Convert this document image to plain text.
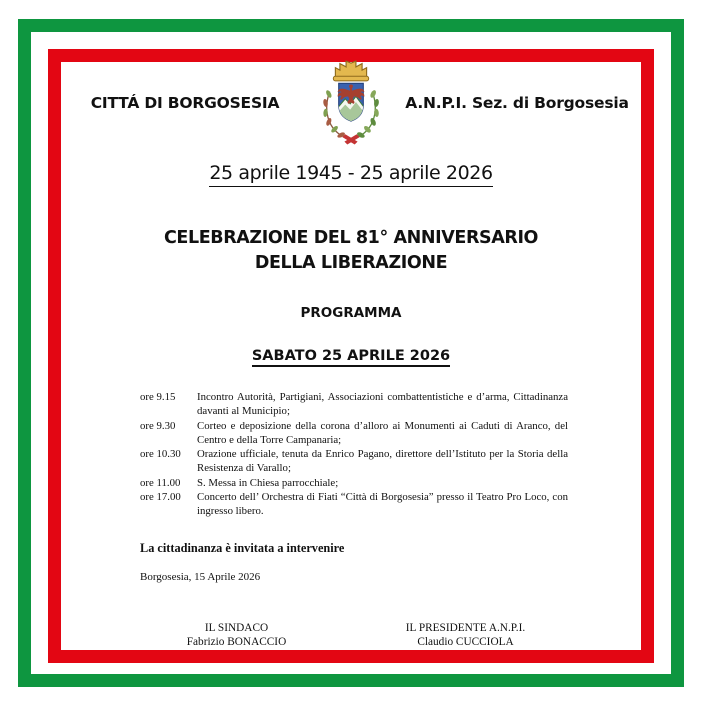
CITTÁ DI BORGOSESIA	A.N.P.I. Sez. di Borgosesia
25 aprile 1945 - 25 aprile 2026
CELEBRAZIONE DEL 81° ANNIVERSARIO
DELLA LIBERAZIONE
PROGRAMMA
SABATO 25 APRILE 2026
ore 9.15	Incontro Autorità, Partigiani, Associazioni combattentistiche e d’arma, Cittadinanza davanti al Municipio;
ore 9.30	Corteo e deposizione della corona d’alloro ai Monumenti ai Caduti di Aranco, del Centro e della Torre Campanaria;
ore 10.30	Orazione ufficiale, tenuta da Enrico Pagano, direttore dell’Istituto per la Storia della Resistenza di Varallo;
ore 11.00	S. Messa in Chiesa parrocchiale;
ore 17.00	Concerto dell’ Orchestra di Fiati “Città di Borgosesia” presso il Teatro Pro Loco, con ingresso libero.
La cittadinanza è invitata a intervenire
Borgosesia, 15 Aprile 2026
IL SINDACO
Fabrizio BONACCIO
IL PRESIDENTE A.N.P.I.
Claudio CUCCIOLA
